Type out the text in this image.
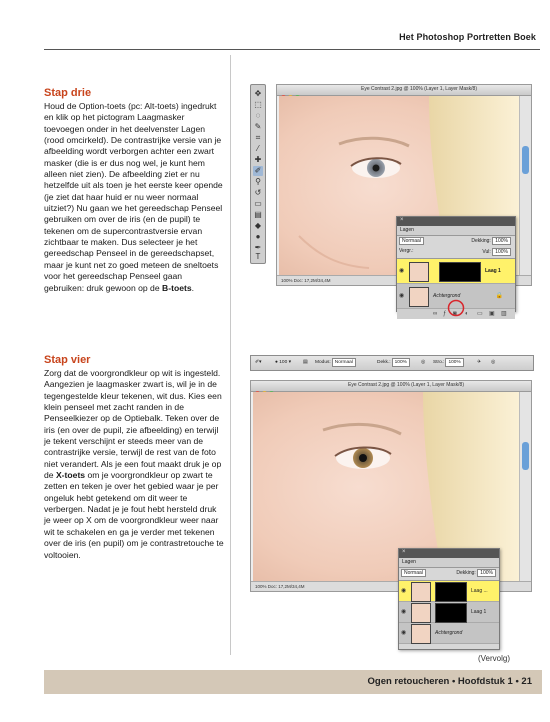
Het Photoshop Portretten Boek

Stap drie

Houd de Option-toets (pc: Alt-toets) ingedrukt en klik op het pictogram Laagmasker toevoegen onder in het deelvenster Lagen (rood omcirkeld). De contrastrijke versie van je afbeelding wordt verborgen achter een zwart masker (die is er dus nog wel, je kunt hem alleen niet zien). De afbeelding ziet er nu hetzelfde uit als toen je het eerste keer opende (je ziet dat haar huid er nu weer normaal uitziet?) Nu gaan we het gereedschap Penseel gebruiken om over de iris (en de pupil) te tekenen om de supercontrastversie ervan zichtbaar te maken. Dus selecteer je het gereedschap Penseel in de gereedschapset, maar je kunt net zo goed meteen de sneltoets voor het gereedschap Penseel gaan gebruiken: druk gewoon op de B-toets.

Stap vier

Zorg dat de voorgrondkleur op wit is ingesteld. Aangezien je laagmasker zwart is, wil je in de tegengestelde kleur tekenen, wit dus. Kies een klein penseel met zacht randen in de Penseelkiezer op de Optiebalk. Teken over de iris (en over de pupil, zie afbeelding) en terwijl je tekent verschijnt er steeds meer van de contrastrijke versie, terwijl de rest van de foto niet verandert. Als je een fout maakt druk je op de X-toets om je voorgrondkleur op zwart te zetten en teken je over het gebied waar je per ongeluk hebt getekend om dit weer te verbergen. Nadat je je fout hebt hersteld druk je weer op X om de voorgrondkleur weer naar wit te schakelen en ga je verder met tekenen over de iris (en pupil) om je contrastretouche te voltooien.

✥
⬚
◌
✎
⌗
⁄
✚
✐
⚲
↺
▭
▤
◆
●
✒
T
Eye Contrast 2.jpg @ 100% (Layer 1, Layer Mask/8)
100% Doc: 17,2M/34,4M
×
Lagen
Normaal	Dekking: 100%
Vergr.:	Vul: 100%
◉	Laag 1
◉	Achtergrond	🔒
∞ ƒ ◙ ◐ ▭ ▣ ▥
✐▾	● 100 ▾	▤ Modus: Normaal	Dekk.: 100%	◎ Stro.: 100%	✈ ◎
Eye Contrast 2.jpg @ 100% (Layer 1, Layer Mask/8)
100% Doc: 17,2M/34,4M
×
Lagen
Normaal	Dekking: 100%
◉	Laag ...
◉	Laag 1
◉	Achtergrond
(Vervolg)
Ogen retoucheren • Hoofdstuk 1 • 21
